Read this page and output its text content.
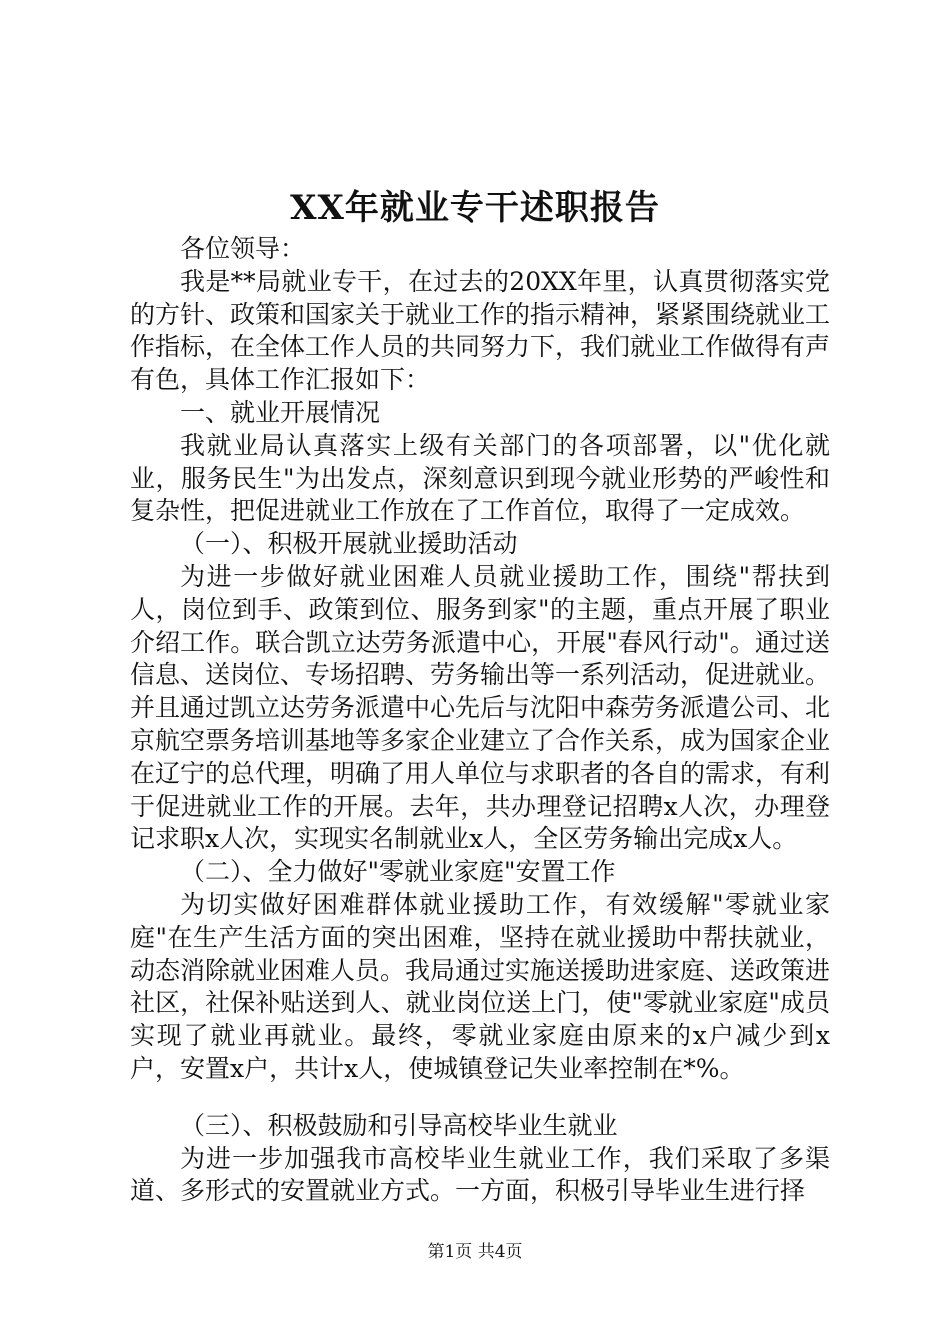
XX年就业专干述职报告

各位领导：

我是**局就业专干，在过去的20XX年里，认真贯彻落实党的方针、政策和国家关于就业工作的指示精神，紧紧围绕就业工作指标，在全体工作人员的共同努力下，我们就业工作做得有声有色，具体工作汇报如下：

一、就业开展情况

我就业局认真落实上级有关部门的各项部署，以"优化就业，服务民生"为出发点，深刻意识到现今就业形势的严峻性和复杂性，把促进就业工作放在了工作首位，取得了一定成效。

（一）、积极开展就业援助活动

为进一步做好就业困难人员就业援助工作，围绕"帮扶到人，岗位到手、政策到位、服务到家"的主题，重点开展了职业介绍工作。联合凯立达劳务派遣中心，开展"春风行动"。通过送信息、送岗位、专场招聘、劳务输出等一系列活动，促进就业。并且通过凯立达劳务派遣中心先后与沈阳中森劳务派遣公司、北京航空票务培训基地等多家企业建立了合作关系，成为国家企业在辽宁的总代理，明确了用人单位与求职者的各自的需求，有利于促进就业工作的开展。去年，共办理登记招聘x人次，办理登记求职x人次，实现实名制就业x人，全区劳务输出完成x人。

（二）、全力做好"零就业家庭"安置工作

为切实做好困难群体就业援助工作，有效缓解"零就业家庭"在生产生活方面的突出困难，坚持在就业援助中帮扶就业，动态消除就业困难人员。我局通过实施送援助进家庭、送政策进社区，社保补贴送到人、就业岗位送上门，使"零就业家庭"成员实现了就业再就业。最终，零就业家庭由原来的x户减少到x户，安置x户，共计x人，使城镇登记失业率控制在*%。

（三）、积极鼓励和引导高校毕业生就业

为进一步加强我市高校毕业生就业工作，我们采取了多渠道、多形式的安置就业方式。一方面，积极引导毕业生进行择

第1页 共4页
